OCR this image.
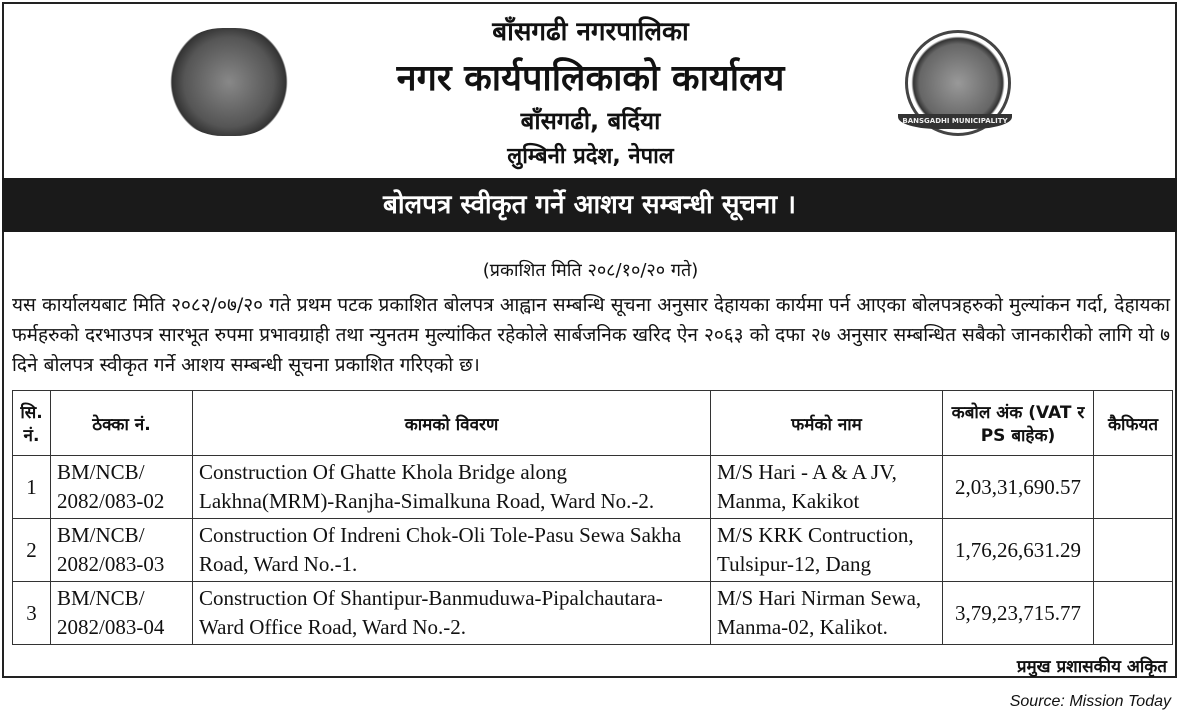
BANSGADHI MUNICIPALITY
बाँसगढी नगरपालिका
नगर कार्यपालिकाको कार्यालय
बाँसगढी, बर्दिया
लुम्बिनी प्रदेश, नेपाल
बोलपत्र स्वीकृत गर्ने आशय सम्बन्धी सूचना ।
(प्रकाशित मिति २०८/१०/२० गते)
यस कार्यालयबाट मिति २०८२/०७/२० गते प्रथम पटक प्रकाशित बोलपत्र आह्वान सम्बन्धि सूचना अनुसार देहायका कार्यमा पर्न आएका बोलपत्रहरुको मुल्यांकन गर्दा, देहायका फर्महरुको दरभाउपत्र सारभूत रुपमा प्रभावग्राही तथा न्युनतम मुल्यांकित रहेकोले सार्बजनिक खरिद ऐन २०६३ को दफा २७ अनुसार सम्बन्धित सबैको जानकारीको लागि यो ७ दिने बोलपत्र स्वीकृत गर्ने आशय सम्बन्धी सूचना प्रकाशित गरिएको छ।
सि. नं.	ठेक्का नं.	कामको विवरण	फर्मको नाम	कबोल अंक (VAT र PS बाहेक)	कैफियत
1	BM/NCB/ 2082/083-02	Construction Of Ghatte Khola Bridge along Lakhna(MRM)-Ranjha-Simalkuna Road, Ward No.-2.	M/S Hari - A & A JV, Manma, Kakikot	2,03,31,690.57	
2	BM/NCB/ 2082/083-03	Construction Of Indreni Chok-Oli Tole-Pasu Sewa Sakha Road, Ward No.-1.	M/S KRK Contruction, Tulsipur-12, Dang	1,76,26,631.29	
3	BM/NCB/ 2082/083-04	Construction Of Shantipur-Banmuduwa-Pipalchautara-Ward Office Road, Ward No.-2.	M/S Hari Nirman Sewa, Manma-02, Kalikot.	3,79,23,715.77	
प्रमुख प्रशासकीय अकिृत
Source: Mission Today
